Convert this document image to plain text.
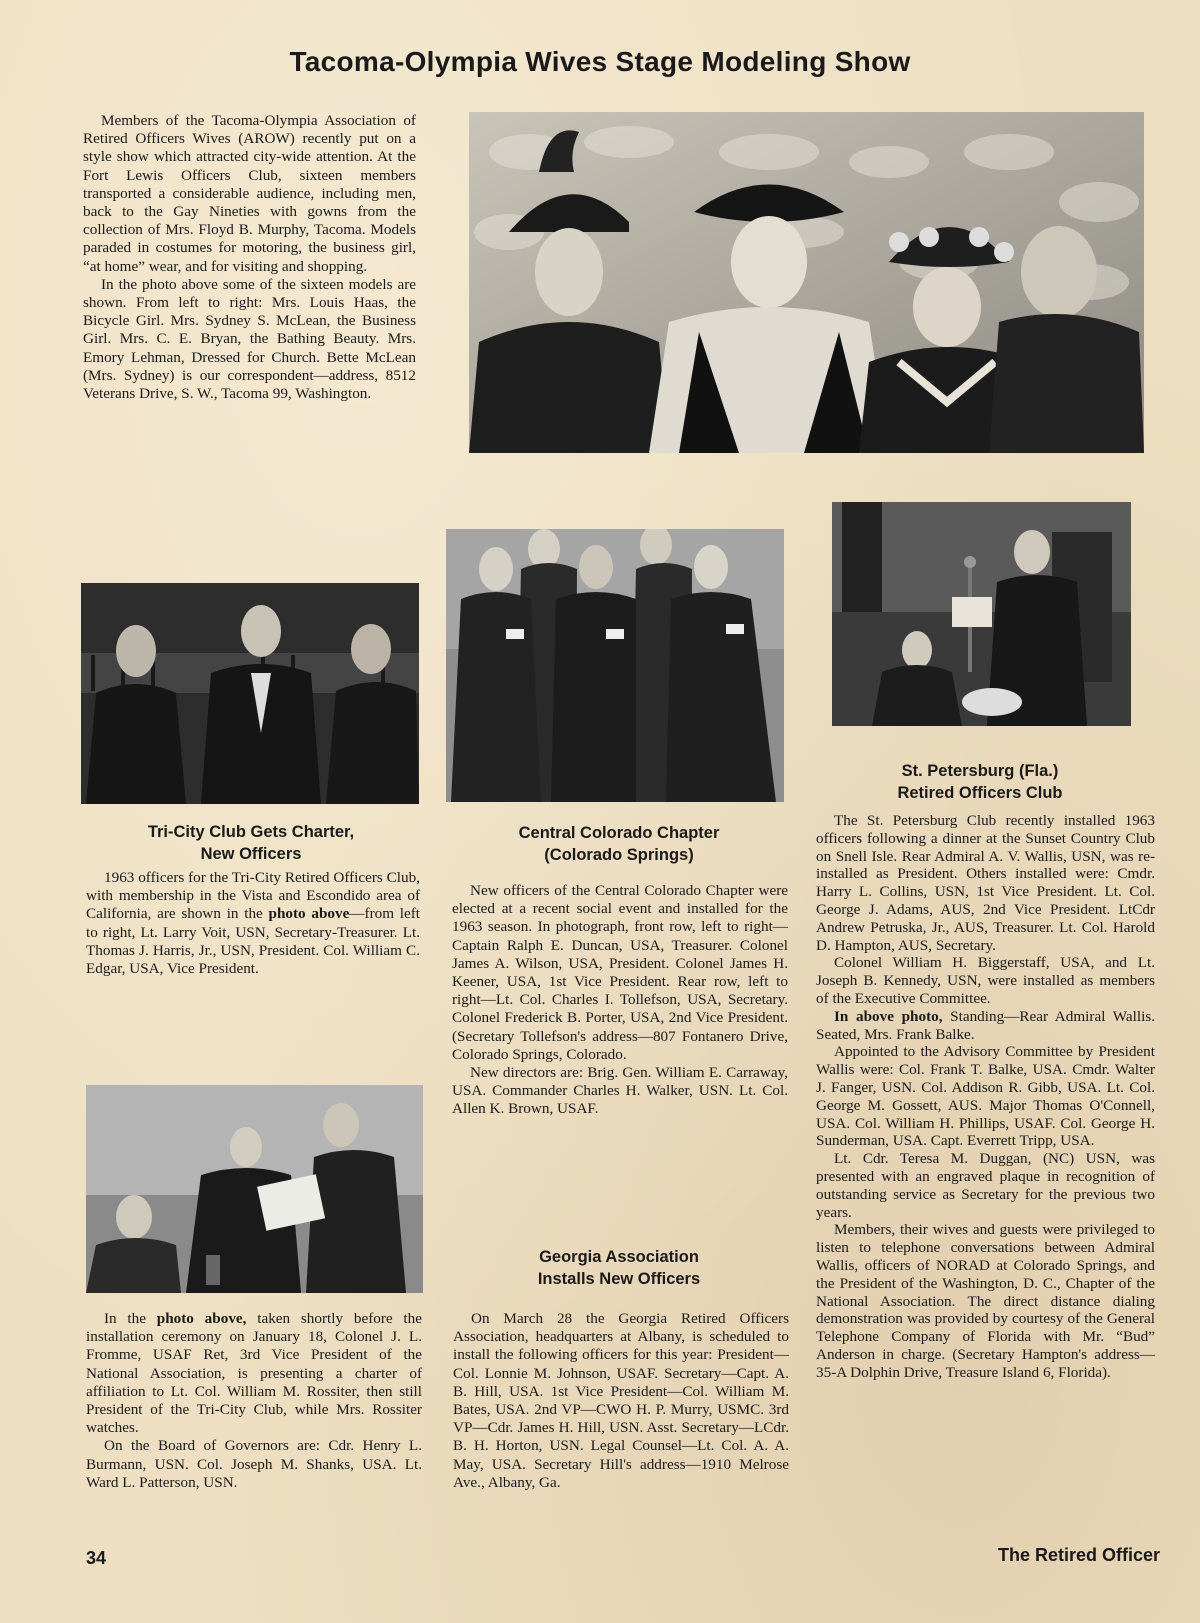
Tacoma-Olympia Wives Stage Modeling Show

Members of the Tacoma-Olympia Association of Retired Officers Wives (AROW) recently put on a style show which attracted city-wide attention. At the Fort Lewis Officers Club, sixteen members transported a considerable audience, including men, back to the Gay Nineties with gowns from the collection of Mrs. Floyd B. Murphy, Tacoma. Models paraded in costumes for motoring, the business girl, “at home” wear, and for visiting and shopping.

In the photo above some of the sixteen models are shown. From left to right: Mrs. Louis Haas, the Bicycle Girl. Mrs. Sydney S. McLean, the Business Girl. Mrs. C. E. Bryan, the Bathing Beauty. Mrs. Emory Lehman, Dressed for Church. Bette McLean (Mrs. Sydney) is our correspondent—address, 8512 Veterans Drive, S. W., Tacoma 99, Washington.

Tri-City Club Gets Charter,
New Officers

1963 officers for the Tri-City Retired Officers Club, with membership in the Vista and Escondido area of California, are shown in the photo above—from left to right, Lt. Larry Voit, USN, Secretary-Treasurer. Lt. Thomas J. Harris, Jr., USN, President. Col. William C. Edgar, USA, Vice President.

In the photo above, taken shortly before the installation ceremony on January 18, Colonel J. L. Fromme, USAF Ret, 3rd Vice President of the National Association, is presenting a charter of affiliation to Lt. Col. William M. Rossiter, then still President of the Tri-City Club, while Mrs. Rossiter watches.

On the Board of Governors are: Cdr. Henry L. Burmann, USN. Col. Joseph M. Shanks, USA. Lt. Ward L. Patterson, USN.

Central Colorado Chapter
(Colorado Springs)

New officers of the Central Colorado Chapter were elected at a recent social event and installed for the 1963 season. In photograph, front row, left to right—Captain Ralph E. Duncan, USA, Treasurer. Colonel James A. Wilson, USA, President. Colonel James H. Keener, USA, 1st Vice President. Rear row, left to right—Lt. Col. Charles I. Tollefson, USA, Secretary. Colonel Frederick B. Porter, USA, 2nd Vice President. (Secretary Tollefson's address—807 Fontanero Drive, Colorado Springs, Colorado.

New directors are: Brig. Gen. William E. Carraway, USA. Commander Charles H. Walker, USN. Lt. Col. Allen K. Brown, USAF.

Georgia Association
Installs New Officers

On March 28 the Georgia Retired Officers Association, headquarters at Albany, is scheduled to install the following officers for this year: President—Col. Lonnie M. Johnson, USAF. Secretary—Capt. A. B. Hill, USA. 1st Vice President—Col. William M. Bates, USA. 2nd VP—CWO H. P. Murry, USMC. 3rd VP—Cdr. James H. Hill, USN. Asst. Secretary—LCdr. B. H. Horton, USN. Legal Counsel—Lt. Col. A. A. May, USA. Secretary Hill's address—1910 Melrose Ave., Albany, Ga.

St. Petersburg (Fla.)
Retired Officers Club

The St. Petersburg Club recently installed 1963 officers following a dinner at the Sunset Country Club on Snell Isle. Rear Admiral A. V. Wallis, USN, was re-installed as President. Others installed were: Cmdr. Harry L. Collins, USN, 1st Vice President. Lt. Col. George J. Adams, AUS, 2nd Vice President. LtCdr Andrew Petruska, Jr., AUS, Treasurer. Lt. Col. Harold D. Hampton, AUS, Secretary.

Colonel William H. Biggerstaff, USA, and Lt. Joseph B. Kennedy, USN, were installed as members of the Executive Committee.

In above photo, Standing—Rear Admiral Wallis. Seated, Mrs. Frank Balke.

Appointed to the Advisory Committee by President Wallis were: Col. Frank T. Balke, USA. Cmdr. Walter J. Fanger, USN. Col. Addison R. Gibb, USA. Lt. Col. George M. Gossett, AUS. Major Thomas O'Connell, USA. Col. William H. Phillips, USAF. Col. George H. Sunderman, USA. Capt. Everrett Tripp, USA.

Lt. Cdr. Teresa M. Duggan, (NC) USN, was presented with an engraved plaque in recognition of outstanding service as Secretary for the previous two years.

Members, their wives and guests were privileged to listen to telephone conversations between Admiral Wallis, officers of NORAD at Colorado Springs, and the President of the Washington, D. C., Chapter of the National Association. The direct distance dialing demonstration was provided by courtesy of the General Telephone Company of Florida with Mr. “Bud” Anderson in charge. (Secretary Hampton's address—35-A Dolphin Drive, Treasure Island 6, Florida).

34	The Retired Officer
